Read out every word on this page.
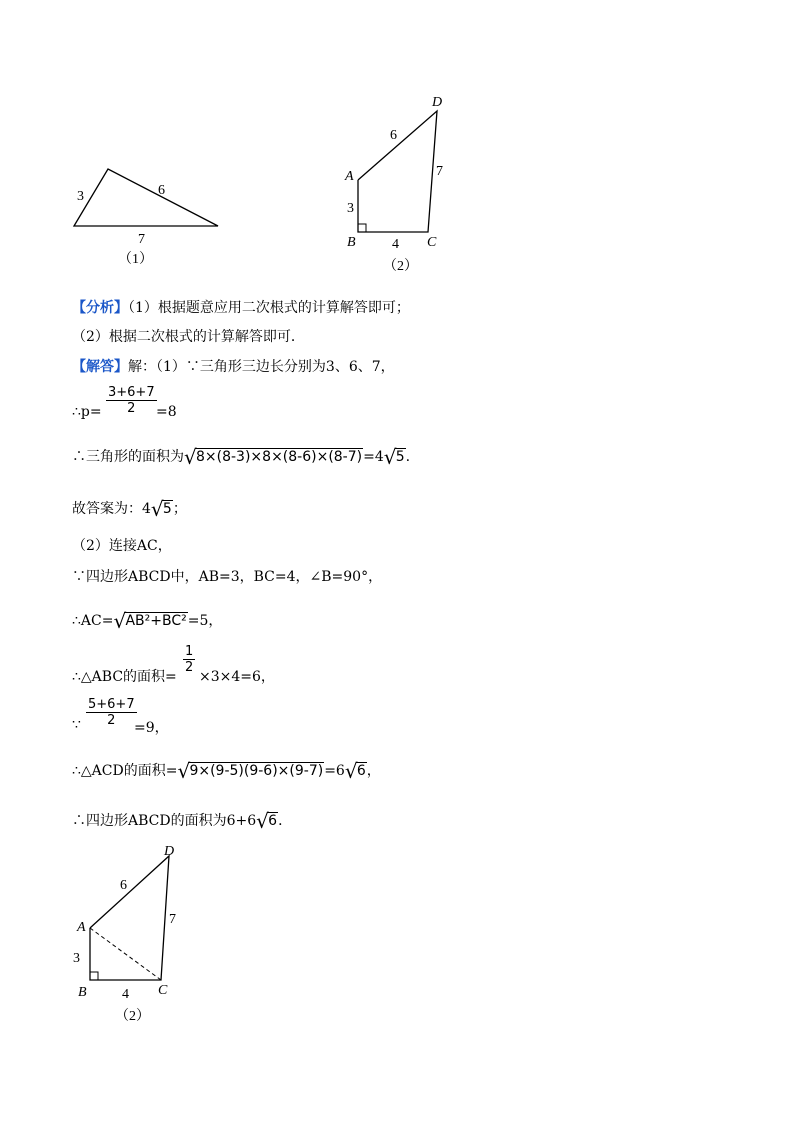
3	6
7
（1）
D
A
B	C
6
7
3
4
（2）
【分析】（1）根据题意应用二次根式的计算解答即可；
（2）根据二次根式的计算解答即可．
【解答】解：（1）∵三角形三边长分别为3、6、7，
∴p= $\frac{3+6+7}{2} =8$
∴三角形的面积为 √ 8×(8-3)×8×(8-6)×(8-7)=4 √ 5.
故答案为：4 √ 5；
（2）连接AC，
∵四边形ABCD中，AB=3，BC=4，∠B=90°，
∴AC= √ AB²+BC²=5，
∴△ABC的面积=
$\frac{1}{2}$
×3×4=6，
∵ $\frac{5+6+7}{2}$
=9，
∴△ACD的面积= √ 9×(9-5)(9-6)×(9-7)=6 √ 6，
∴四边形ABCD的面积为6+6 √ 6．
D
A
B	C
6
7
3
4
（2）
